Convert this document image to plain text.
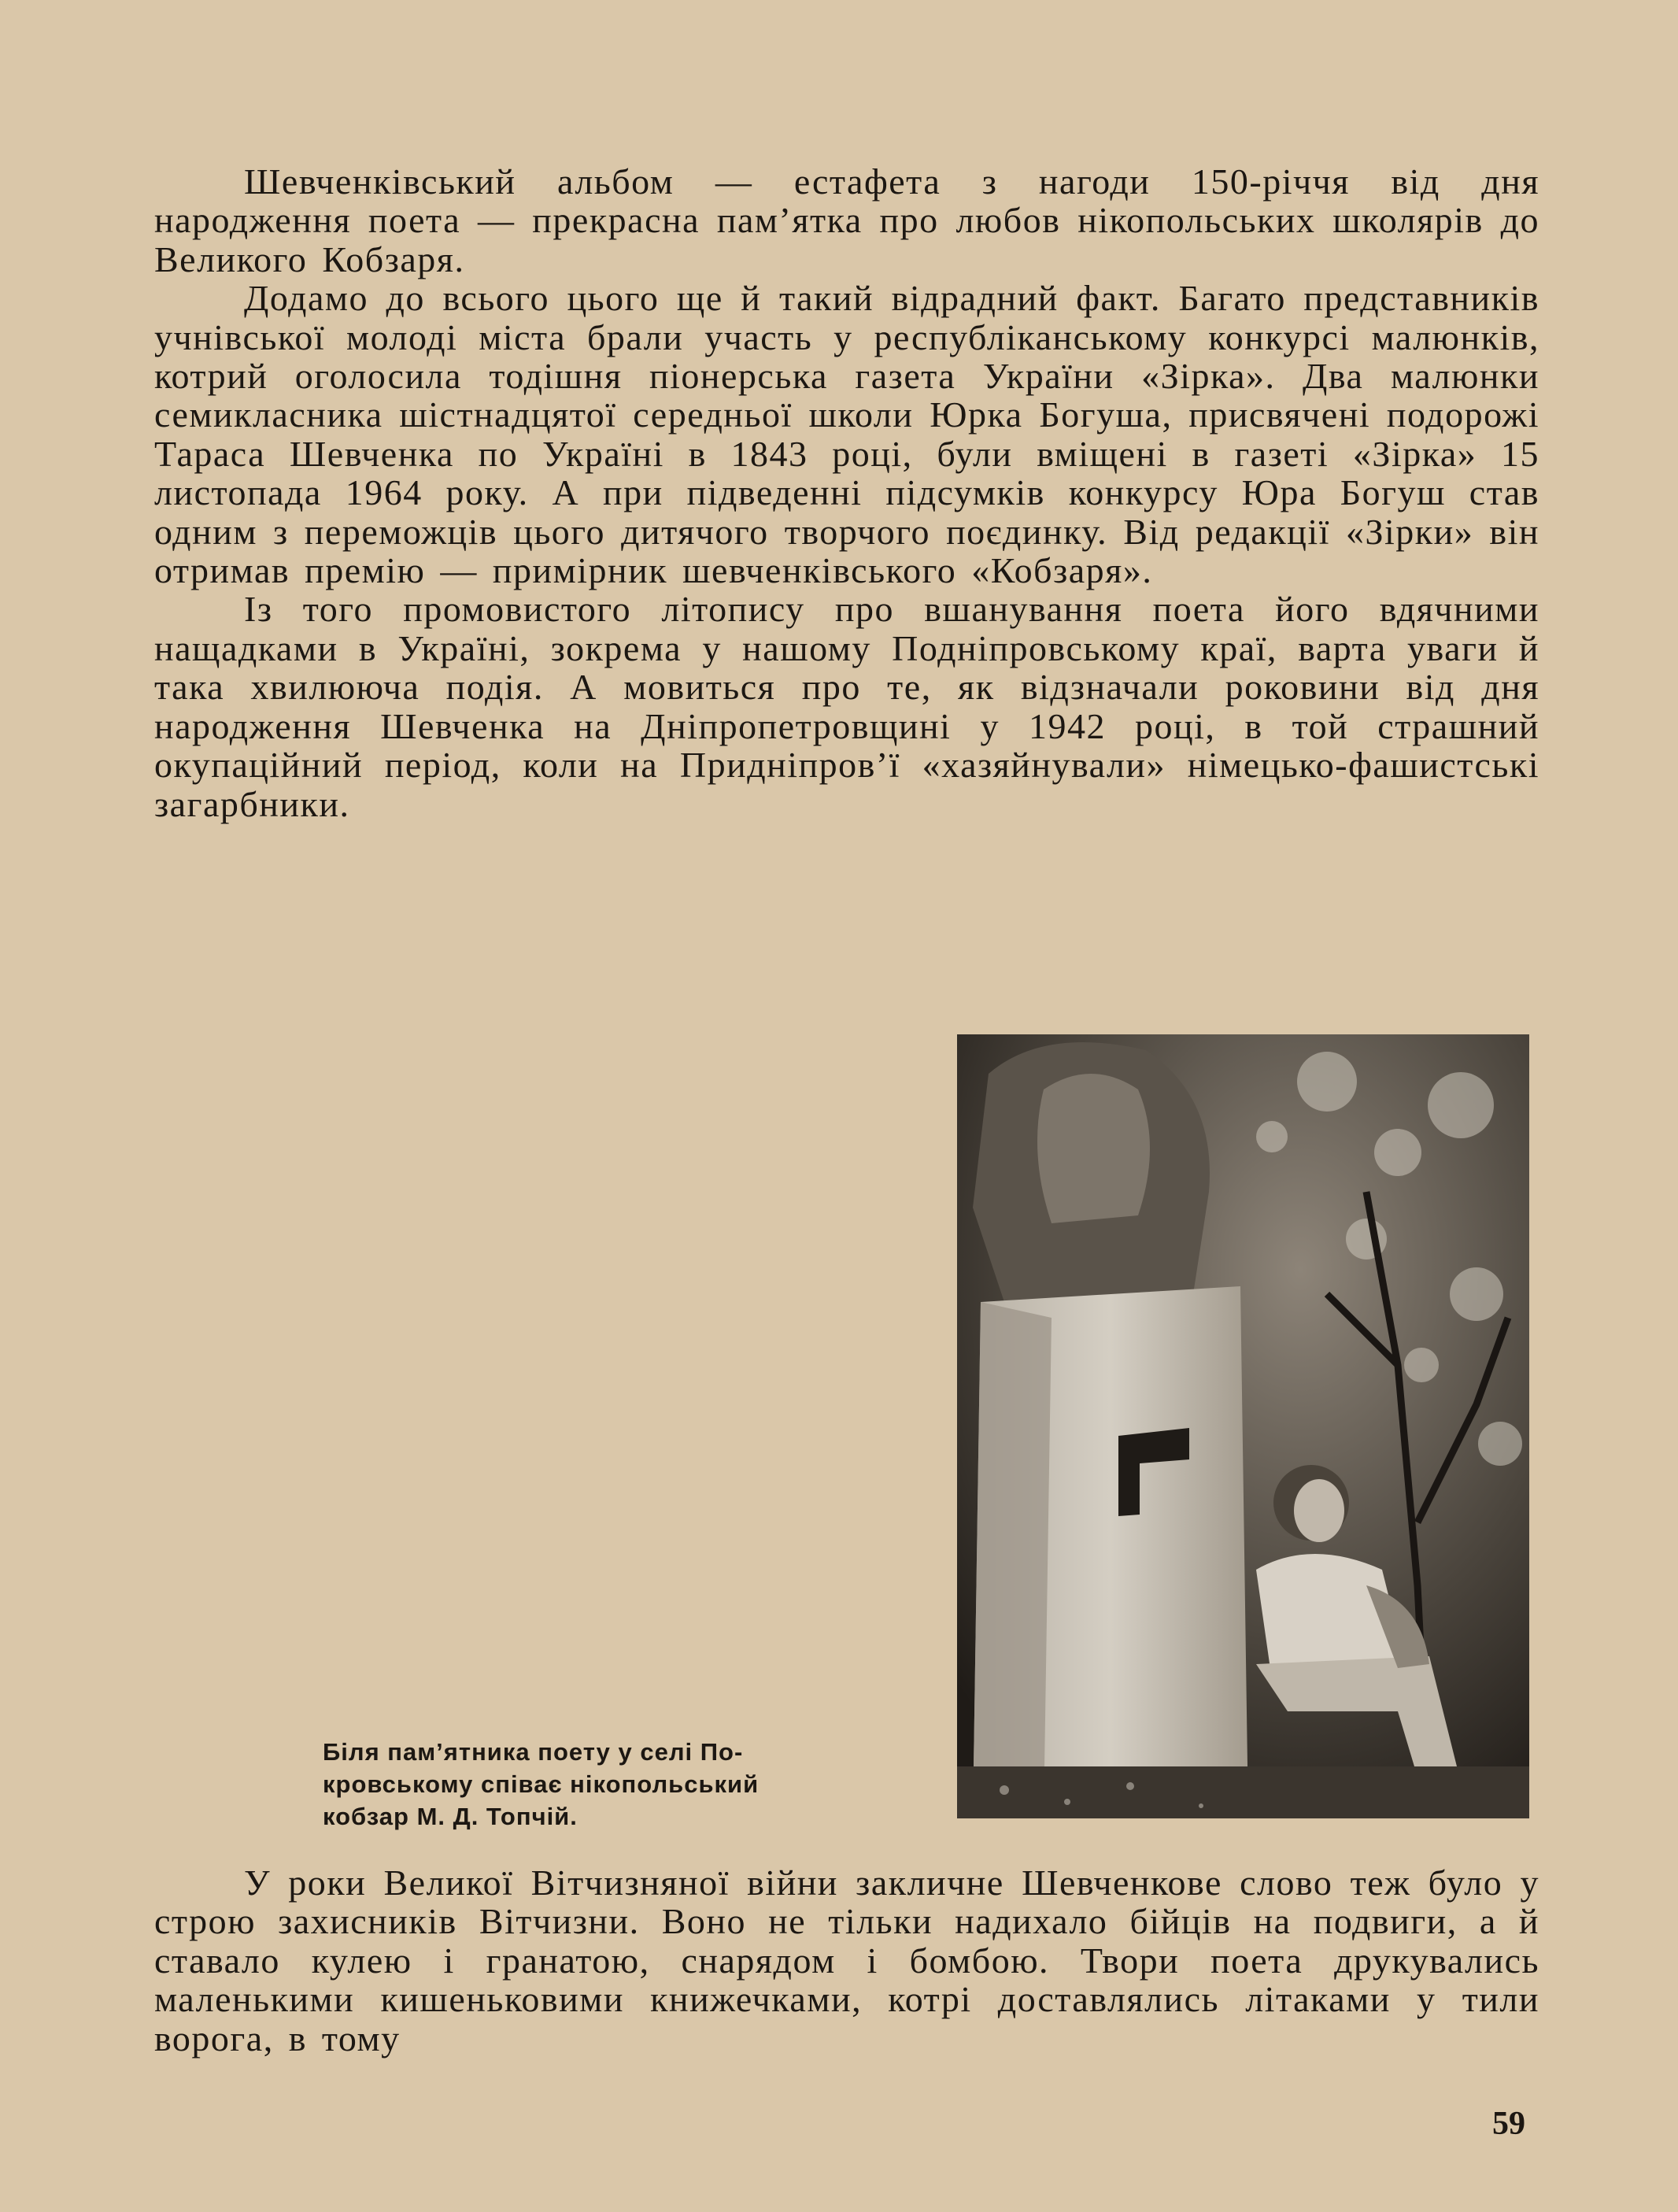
Шевченківський альбом — естафета з нагоди 150-річчя від дня народження поета — прекрасна пам’ятка про любов нікопольських школярів до Великого Кобзаря.

Додамо до всього цього ще й такий відрадний факт. Багато представників учнівської молоді міста брали участь у республіканському конкурсі малюнків, котрий оголосила тодішня піонерська газета України «Зірка». Два малюнки семикласника шістнадцятої середньої школи Юрка Богуша, присвячені подорожі Тараса Шевченка по Україні в 1843 році, були вміщені в газеті «Зірка» 15 листопада 1964 року. А при підведенні підсумків конкурсу Юра Богуш став одним з переможців цього дитячого творчого поєдинку. Від редакції «Зірки» він отримав премію — примірник шевченківського «Кобзаря».

Із того промовистого літопису про вшанування поета його вдячними нащадками в Україні, зокрема у нашому Подніпровському краї, варта уваги й така хвилююча подія. А мовиться про те, як відзначали роковини від дня народження Шевченка на Дніпропетровщині у 1942 році, в той страшний окупаційний період, коли на Придніпров’ї «хазяйнували» німецько-фашистські загарбники.

Біля пам’ятника поету у селі По-
кровському співає нікопольський
кобзар М. Д. Топчій.

У роки Великої Вітчизняної війни закличне Шевченкове слово теж було у строю захисників Вітчизни. Воно не тільки надихало бійців на подвиги, а й ставало кулею і гранатою, снарядом і бомбою. Твори поета друкувались маленькими кишеньковими книжечками, котрі доставлялись літаками у тили ворога, в тому

59
